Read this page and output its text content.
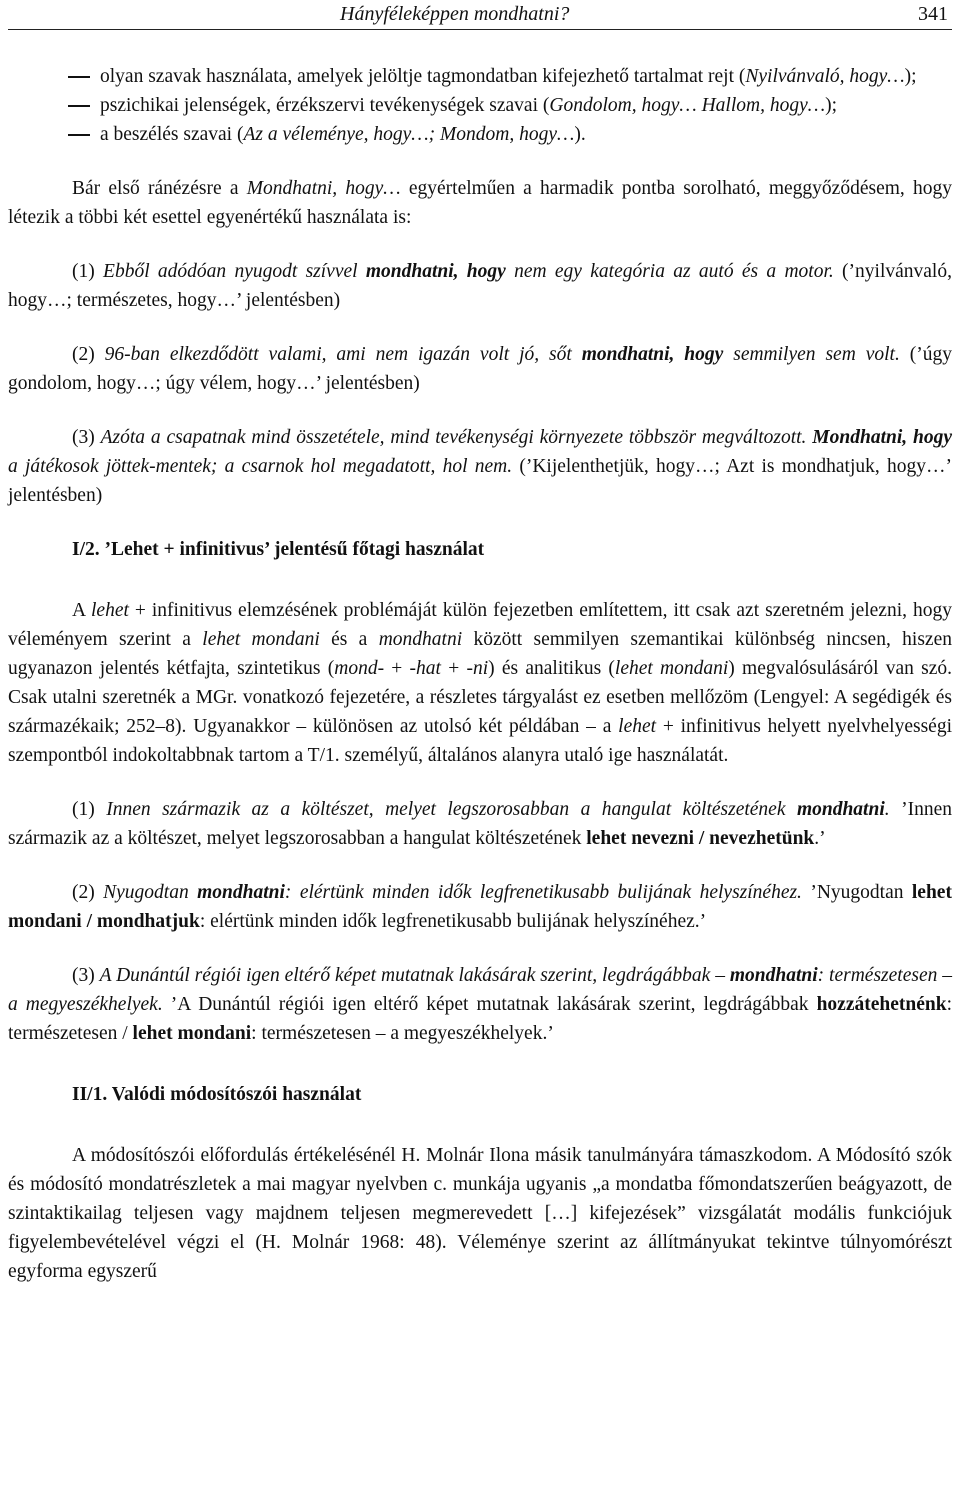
Hányféleképpen mondhatni?	341
olyan szavak használata, amelyek jelöltje tagmondatban kifejezhető tartalmat rejt (Nyilvánvaló, hogy…);
pszichikai jelenségek, érzékszervi tevékenységek szavai (Gondolom, hogy… Hallom, hogy…);
a beszélés szavai (Az a véleménye, hogy…; Mondom, hogy…).

Bár első ránézésre a Mondhatni, hogy… egyértelműen a harmadik pontba sorolható, meggyőződésem, hogy létezik a többi két esettel egyenértékű használata is:

(1) Ebből adódóan nyugodt szívvel mondhatni, hogy nem egy kategória az autó és a motor. (’nyilvánvaló, hogy…; természetes, hogy…’ jelentésben)

(2) 96-ban elkezdődött valami, ami nem igazán volt jó, sőt mondhatni, hogy semmilyen sem volt. (’úgy gondolom, hogy…; úgy vélem, hogy…’ jelentésben)

(3) Azóta a csapatnak mind összetétele, mind tevékenységi környezete többször megváltozott. Mondhatni, hogy a játékosok jöttek-mentek; a csarnok hol megadatott, hol nem. (’Kijelenthetjük, hogy…; Azt is mondhatjuk, hogy…’ jelentésben)

I/2. ’Lehet + infinitivus’ jelentésű főtagi használat

A lehet + infinitivus elemzésének problémáját külön fejezetben említettem, itt csak azt szeretném jelezni, hogy véleményem szerint a lehet mondani és a mondhatni között semmilyen szemantikai különbség nincsen, hiszen ugyanazon jelentés kétfajta, szintetikus (mond- + -hat + -ni) és analitikus (lehet mondani) megvalósulásáról van szó. Csak utalni szeretnék a MGr. vonatkozó fejezetére, a részletes tárgyalást ez esetben mellőzöm (Lengyel: A segédigék és származékaik; 252–8). Ugyanakkor – különösen az utolsó két példában – a lehet + infinitivus helyett nyelvhelyességi szempontból indokoltabbnak tartom a T/1. személyű, általános alanyra utaló ige használatát.

(1) Innen származik az a költészet, melyet legszorosabban a hangulat költészetének mondhatni. ’Innen származik az a költészet, melyet legszorosabban a hangulat költészetének lehet nevezni / nevezhetünk.’

(2) Nyugodtan mondhatni: elértünk minden idők legfrenetikusabb bulijának helyszínéhez. ’Nyugodtan lehet mondani / mondhatjuk: elértünk minden idők legfrenetikusabb bulijának helyszínéhez.’

(3) A Dunántúl régiói igen eltérő képet mutatnak lakásárak szerint, legdrágábbak – mondhatni: természetesen – a megyeszékhelyek. ’A Dunántúl régiói igen eltérő képet mutatnak lakásárak szerint, legdrágábbak hozzátehetnénk: természetesen / lehet mondani: természetesen – a megyeszékhelyek.’

II/1. Valódi módosítószói használat

A módosítószói előfordulás értékelésénél H. Molnár Ilona másik tanulmányára támaszkodom. A Módosító szók és módosító mondatrészletek a mai magyar nyelvben c. munkája ugyanis „a mondatba főmondatszerűen beágyazott, de szintaktikailag teljesen vagy majdnem teljesen megmerevedett […] kifejezések” vizsgálatát modális funkciójuk figyelembevételével végzi el (H. Molnár 1968: 48). Véleménye szerint az állítmányukat tekintve túlnyomórészt egyforma egyszerű
